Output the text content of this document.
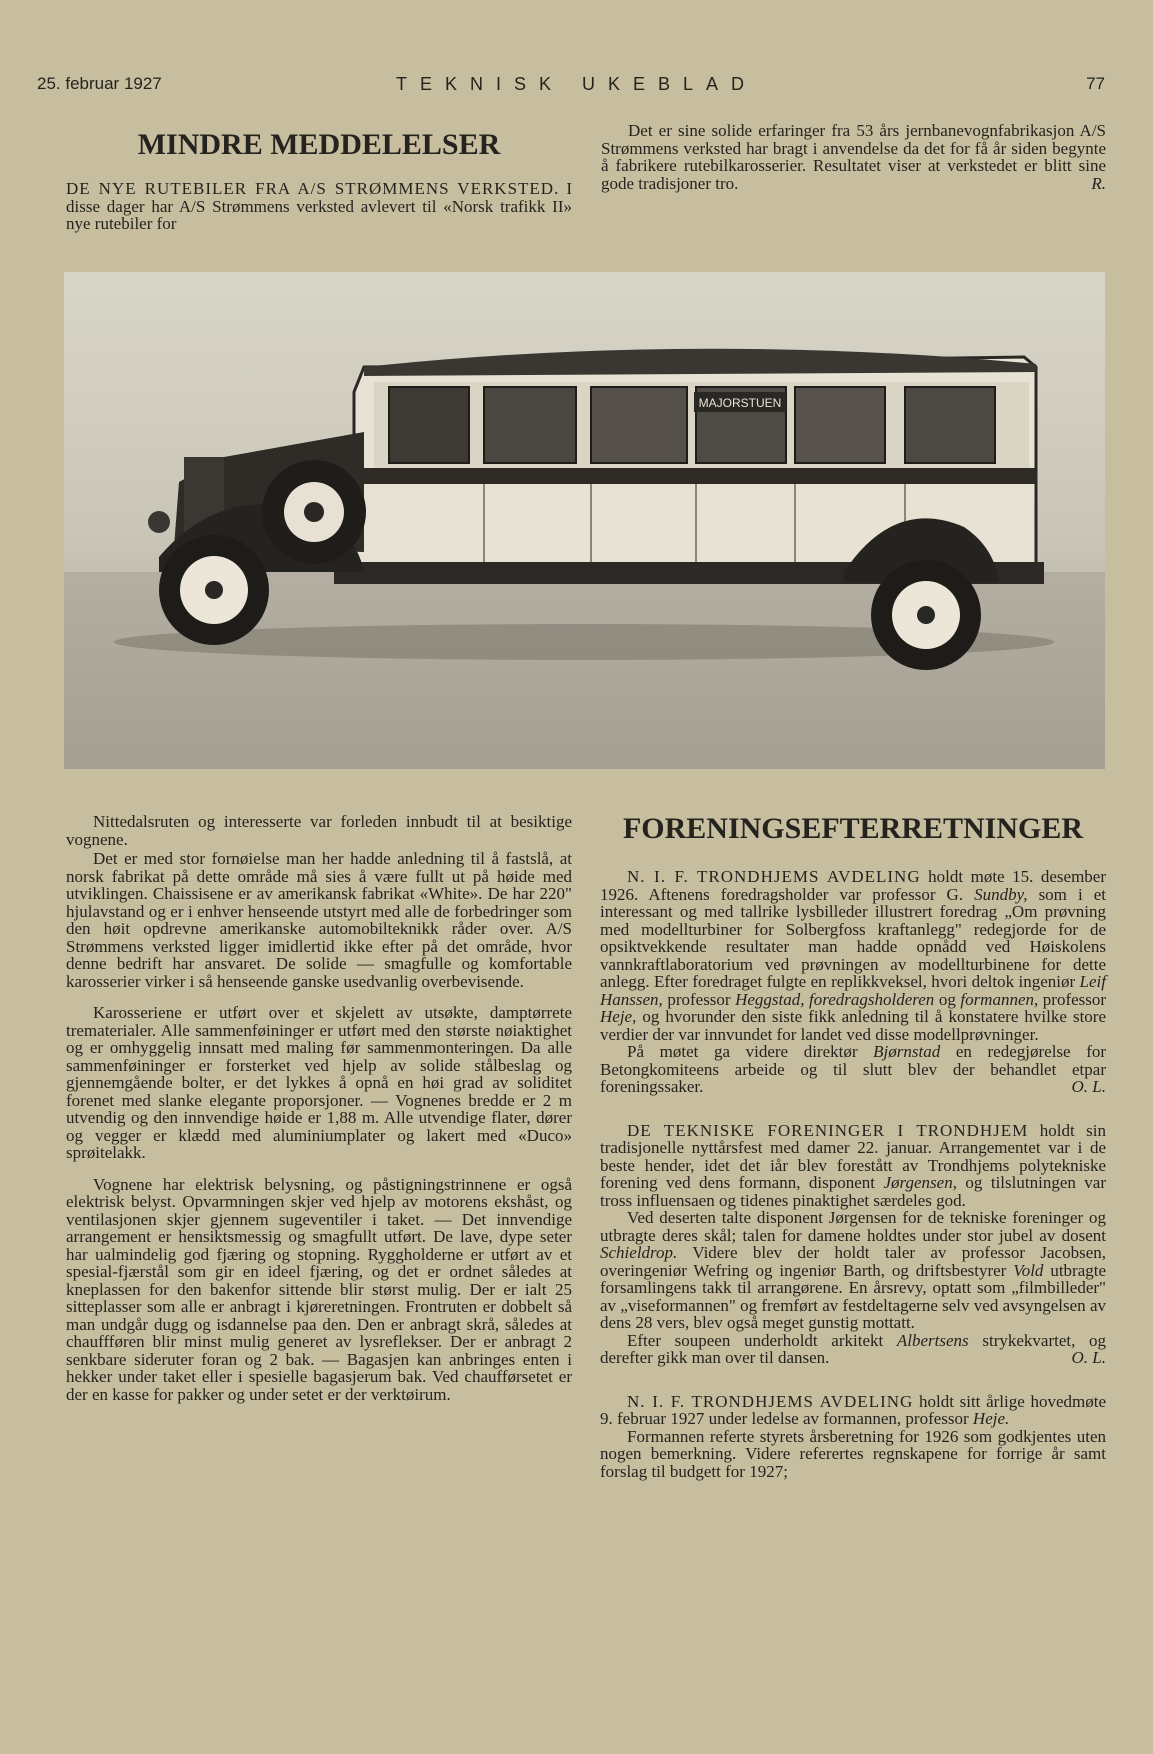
25. februar 1927	TEKNISK UKEBLAD	77
MINDRE MEDDELELSER

DE NYE RUTEBILER FRA A/S STRØMMENS VERKSTED. I disse dager har A/S Strømmens verksted avlevert til «Norsk trafikk II» nye rutebiler for

Det er sine solide erfaringer fra 53 års jernbanevognfabrikasjon A/S Strømmens verksted har bragt i anvendelse da det for få år siden begynte å fabrikere rutebilkarosserier. Resultatet viser at verkstedet er blitt sine gode tradisjoner tro.	R.

MAJORSTUEN

Nittedalsruten og interesserte var forleden innbudt til at besiktige vognene.

Det er med stor fornøielse man her hadde anledning til å fastslå, at norsk fabrikat på dette område må sies å være fullt ut på høide med utviklingen. Chaissisene er av amerikansk fabrikat «White». De har 220" hjulavstand og er i enhver henseende utstyrt med alle de forbedringer som den høit opdrevne amerikanske automobilteknikk råder over. A/S Strømmens verksted ligger imidlertid ikke efter på det område, hvor denne bedrift har ansvaret. De solide — smagfulle og komfortable karosserier virker i så henseende ganske usedvanlig overbevisende.

Karosseriene er utført over et skjelett av utsøkte, damptørrete trematerialer. Alle sammenføininger er utført med den største nøiaktighet og er omhyggelig innsatt med maling før sammenmonteringen. Da alle sammenføininger er forsterket ved hjelp av solide stålbeslag og gjennemgående bolter, er det lykkes å opnå en høi grad av soliditet forenet med slanke elegante proporsjoner. — Vognenes bredde er 2 m utvendig og den innvendige høide er 1,88 m. Alle utvendige flater, dører og vegger er klædd med aluminiumplater og lakert med «Duco» sprøitelakk.

Vognene har elektrisk belysning, og påstigningstrinnene er også elektrisk belyst. Opvarmningen skjer ved hjelp av motorens ekshåst, og ventilasjonen skjer gjennem sugeventiler i taket. — Det innvendige arrangement er hensiktsmessig og smagfullt utført. De lave, dype seter har ualmindelig god fjæring og stopning. Ryggholderne er utført av et spesial-fjærstål som gir en ideel fjæring, og det er ordnet således at kneplassen for den bakenfor sittende blir størst mulig. Der er ialt 25 sitteplasser som alle er anbragt i kjøreretningen. Frontruten er dobbelt så man undgår dugg og isdannelse paa den. Den er anbragt skrå, således at chauffføren blir minst mulig generet av lysreflekser. Der er anbragt 2 senkbare sideruter foran og 2 bak. — Bagasjen kan anbringes enten i hekker under taket eller i spesielle bagasjerum bak. Ved chaufførsetet er der en kasse for pakker og under setet er der verktøirum.

FORENINGSEFTERRETNINGER

N. I. F. TRONDHJEMS AVDELING holdt møte 15. desember 1926. Aftenens foredragsholder var professor G. Sundby, som i et interessant og med tallrike lysbilleder illustrert foredrag „Om prøvning med modellturbiner for Solbergfoss kraftanlegg" redegjorde for de opsiktvekkende resultater man hadde opnådd ved Høiskolens vannkraftlaboratorium ved prøvningen av modellturbinene for dette anlegg. Efter foredraget fulgte en replikkveksel, hvori deltok ingeniør Leif Hanssen, professor Heggstad, foredragsholderen og formannen, professor Heje, og hvorunder den siste fikk anledning til å konstatere hvilke store verdier der var innvundet for landet ved disse modellprøvninger.

På møtet ga videre direktør Bjørnstad en redegjørelse for Betongkomiteens arbeide og til slutt blev der behandlet etpar foreningssaker.	O. L.

DE TEKNISKE FORENINGER I TRONDHJEM holdt sin tradisjonelle nyttårsfest med damer 22. januar. Arrangementet var i de beste hender, idet det iår blev forestått av Trondhjems polytekniske forening ved dens formann, disponent Jørgensen, og tilslutningen var tross influensaen og tidenes pinaktighet særdeles god.

Ved deserten talte disponent Jørgensen for de tekniske foreninger og utbragte deres skål; talen for damene holdtes under stor jubel av dosent Schieldrop. Videre blev der holdt taler av professor Jacobsen, overingeniør Wefring og ingeniør Barth, og driftsbestyrer Vold utbragte forsamlingens takk til arrangørene. En årsrevy, optatt som „filmbilleder" av „viseformannen" og fremført av festdeltagerne selv ved avsyngelsen av dens 28 vers, blev også meget gunstig mottatt.

Efter soupeen underholdt arkitekt Albertsens strykekvartet, og derefter gikk man over til dansen.	O. L.

N. I. F. TRONDHJEMS AVDELING holdt sitt årlige hovedmøte 9. februar 1927 under ledelse av formannen, professor Heje.

Formannen referte styrets årsberetning for 1926 som godkjentes uten nogen bemerkning. Videre referertes regnskapene for forrige år samt forslag til budgett for 1927;
